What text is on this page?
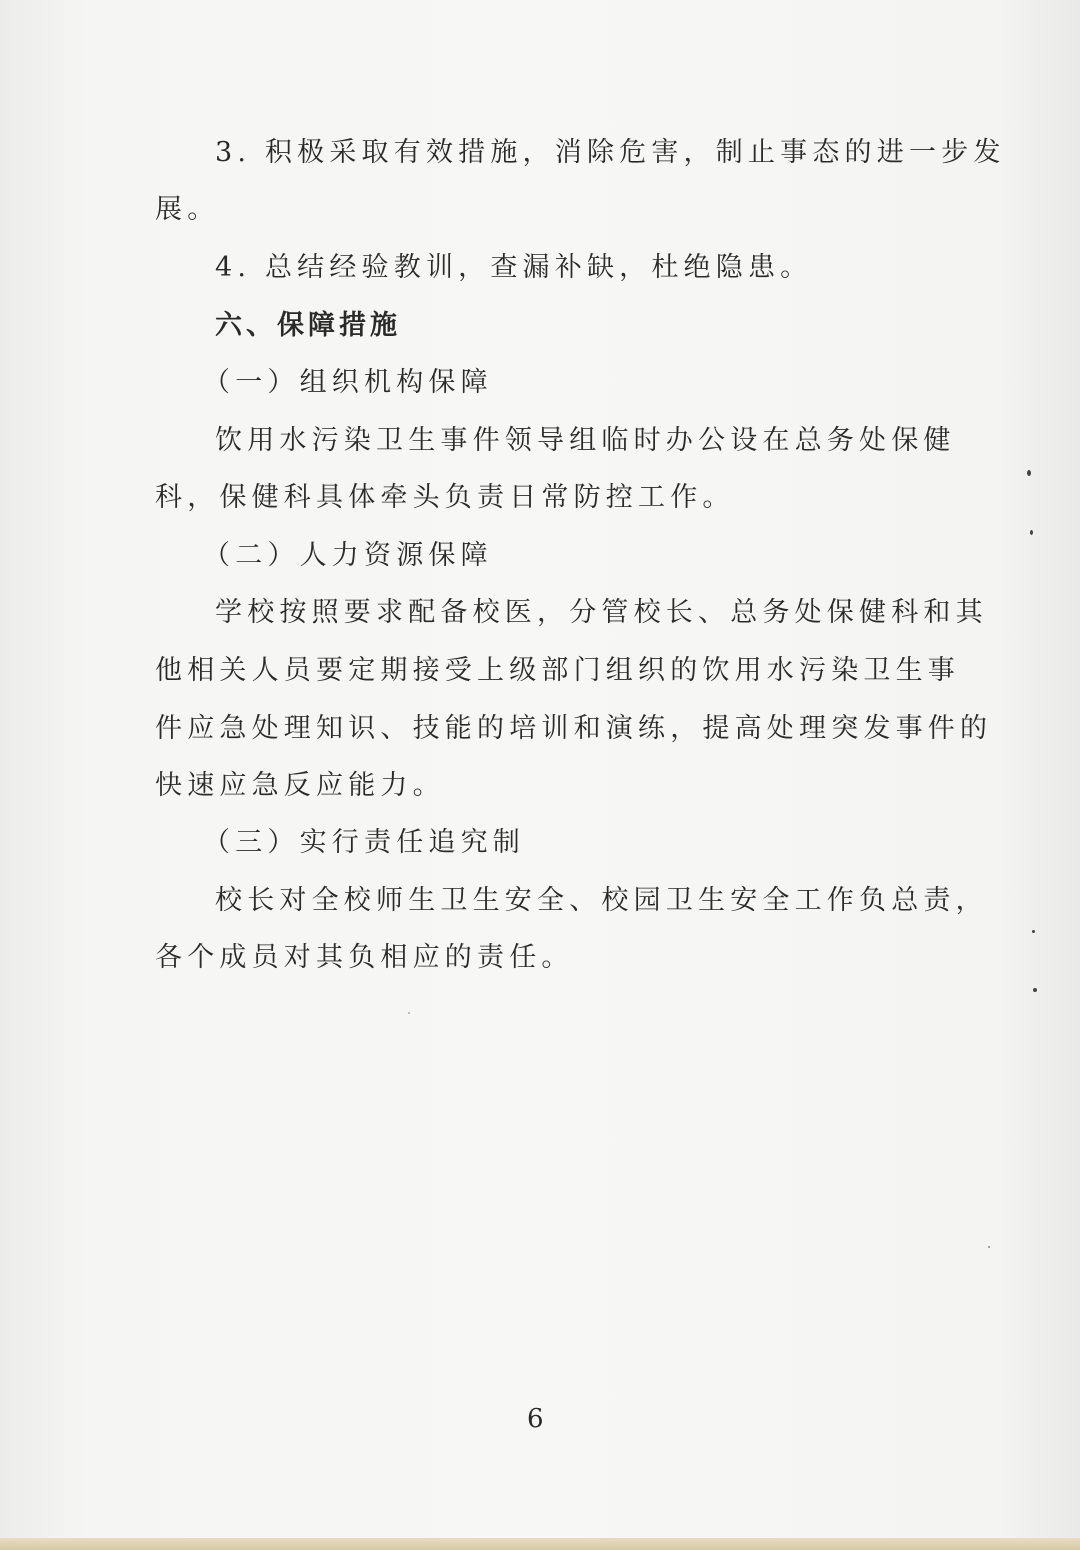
3. 积极采取有效措施，消除危害，制止事态的进一步发
展。
4. 总结经验教训，查漏补缺，杜绝隐患。
六、保障措施
（一）组织机构保障
饮用水污染卫生事件领导组临时办公设在总务处保健
科，保健科具体牵头负责日常防控工作。
（二）人力资源保障
学校按照要求配备校医，分管校长、总务处保健科和其
他相关人员要定期接受上级部门组织的饮用水污染卫生事
件应急处理知识、技能的培训和演练，提高处理突发事件的
快速应急反应能力。
（三）实行责任追究制
校长对全校师生卫生安全、校园卫生安全工作负总责，
各个成员对其负相应的责任。
6
